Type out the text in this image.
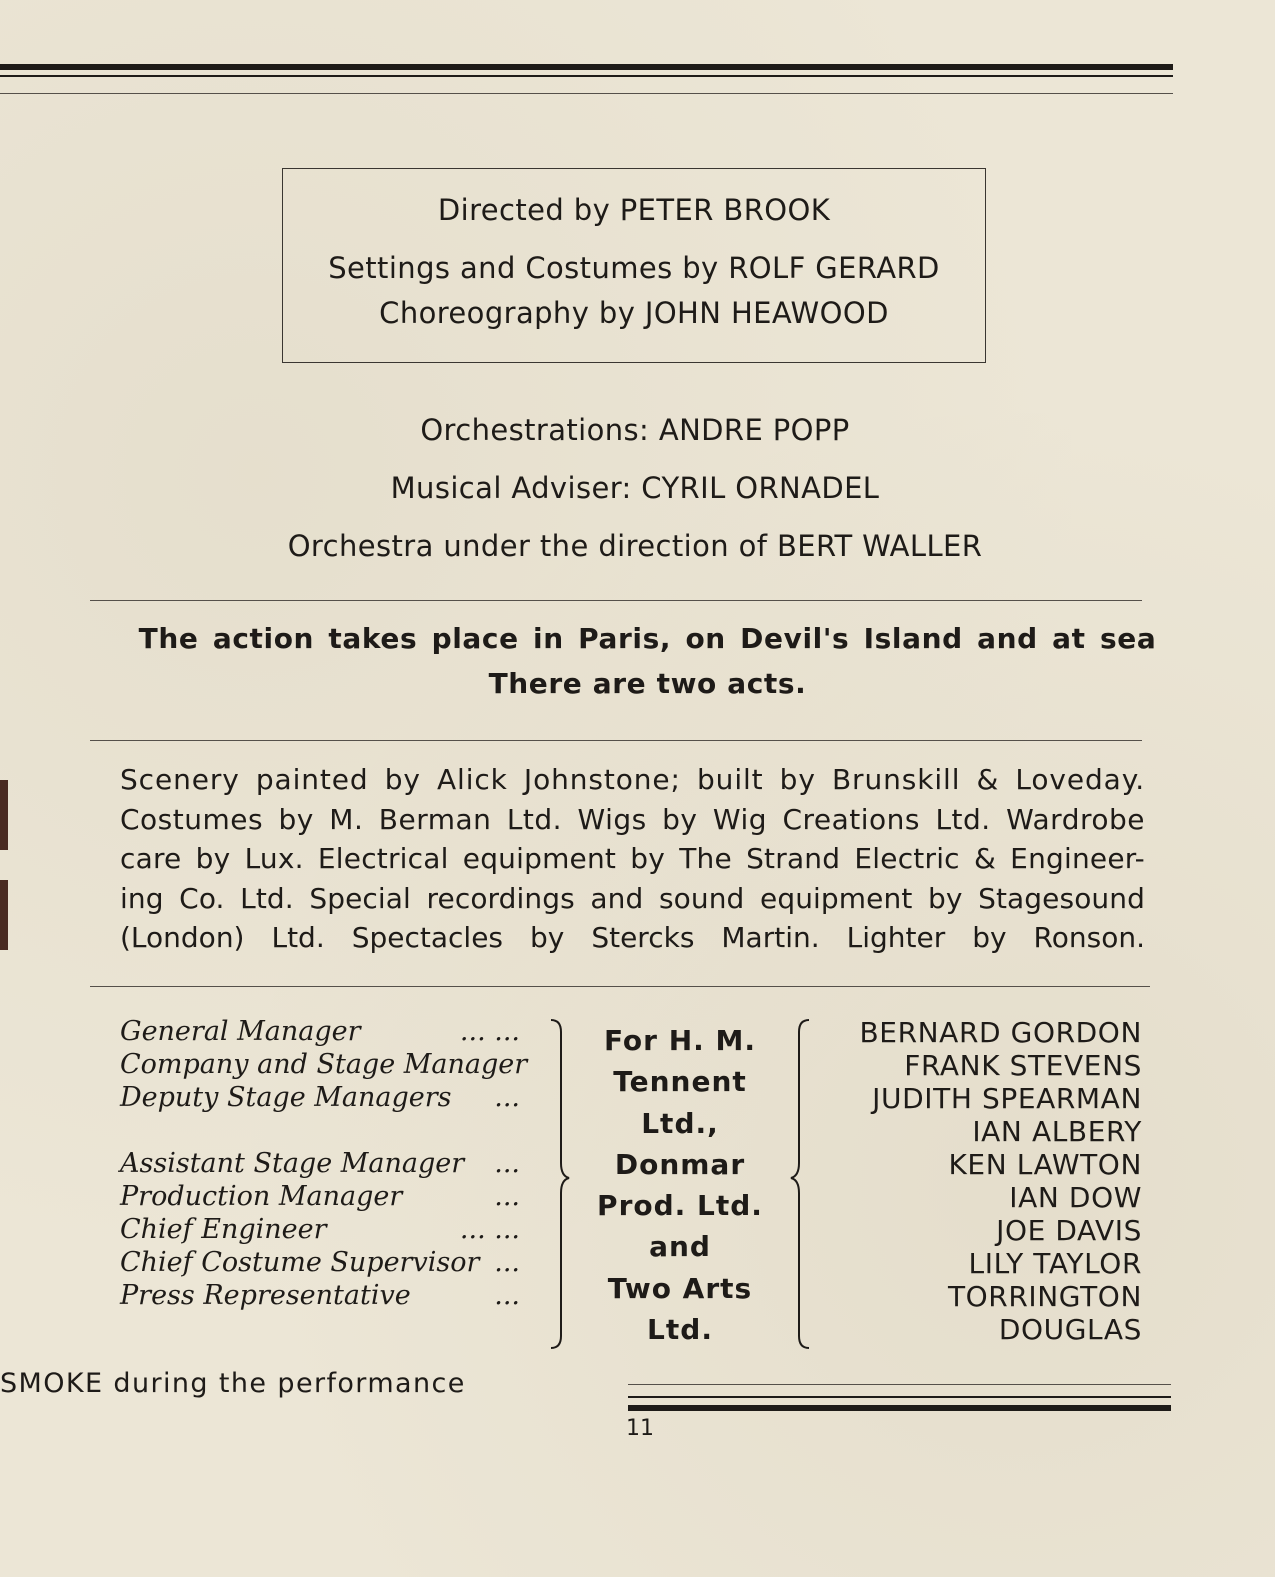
Directed by PETER BROOK
Settings and Costumes by ROLF GERARD
Choreography by JOHN HEAWOOD
Orchestrations: ANDRE POPP
Musical Adviser: CYRIL ORNADEL
Orchestra under the direction of BERT WALLER
The action takes place in Paris, on Devil's Island and at sea
There are two acts.
Scenery painted by Alick Johnstone; built by Brunskill & Loveday.
Costumes by M. Berman Ltd. Wigs by Wig Creations Ltd. Wardrobe
care by Lux. Electrical equipment by The Strand Electric & Engineer-
ing Co. Ltd. Special recordings and sound equipment by Stagesound
(London) Ltd. Spectacles by Stercks Martin. Lighter by Ronson.
General Manager	... ...
Company and Stage Manager
Deputy Stage Managers ...
Assistant Stage Manager ...
Production Manager	...
Chief Engineer	... ...
Chief Costume Supervisor ...
Press Representative	...
For H. M.
Tennent
Ltd.,
Donmar
Prod. Ltd.
and
Two Arts
Ltd.
BERNARD GORDON
FRANK STEVENS
JUDITH SPEARMAN
IAN ALBERY
KEN LAWTON
IAN DOW
JOE DAVIS
LILY TAYLOR
TORRINGTON
DOUGLAS
SMOKE during the performance
11
